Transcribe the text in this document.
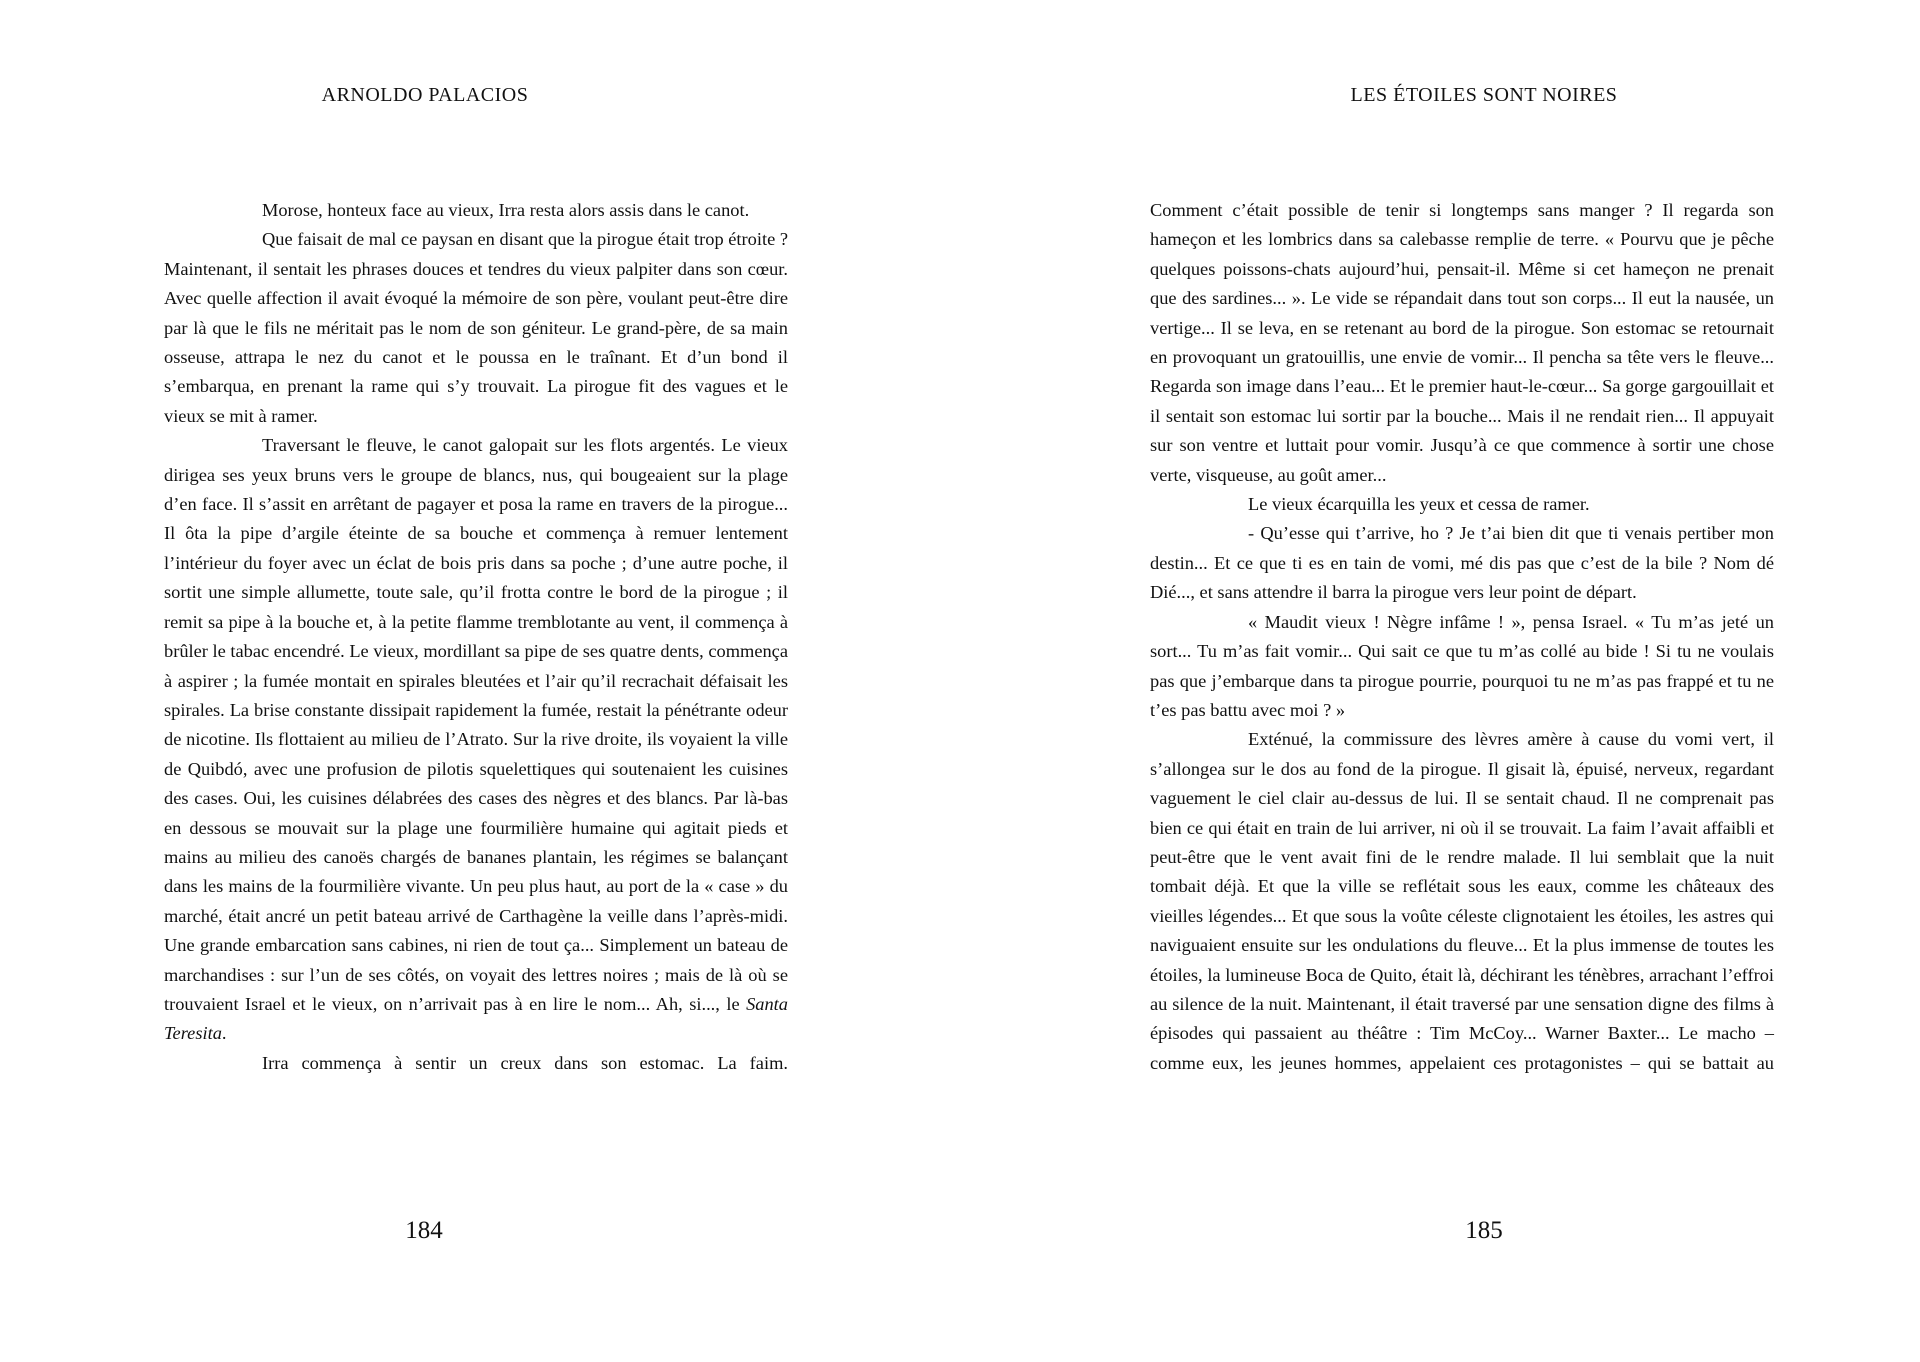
ARNOLDO PALACIOS

Morose, honteux face au vieux, Irra resta alors assis dans le canot.

Que faisait de mal ce paysan en disant que la pirogue était trop étroite ? Maintenant, il sentait les phrases douces et tendres du vieux palpiter dans son cœur. Avec quelle affection il avait évoqué la mémoire de son père, voulant peut-être dire par là que le fils ne méritait pas le nom de son géniteur. Le grand-père, de sa main osseuse, attrapa le nez du canot et le poussa en le traînant. Et d’un bond il s’embarqua, en prenant la rame qui s’y trouvait. La pirogue fit des vagues et le vieux se mit à ramer.

Traversant le fleuve, le canot galopait sur les flots argentés. Le vieux dirigea ses yeux bruns vers le groupe de blancs, nus, qui bougeaient sur la plage d’en face. Il s’assit en arrêtant de pagayer et posa la rame en travers de la pirogue... Il ôta la pipe d’argile éteinte de sa bouche et commença à remuer lentement l’intérieur du foyer avec un éclat de bois pris dans sa poche ; d’une autre poche, il sortit une simple allumette, toute sale, qu’il frotta contre le bord de la pirogue ; il remit sa pipe à la bouche et, à la petite flamme tremblotante au vent, il commença à brûler le tabac encendré. Le vieux, mordillant sa pipe de ses quatre dents, commença à aspirer ; la fumée montait en spirales bleutées et l’air qu’il recrachait défaisait les spirales. La brise constante dissipait rapidement la fumée, restait la pénétrante odeur de nicotine. Ils flottaient au milieu de l’Atrato. Sur la rive droite, ils voyaient la ville de Quibdó, avec une profusion de pilotis squelettiques qui soutenaient les cuisines des cases. Oui, les cuisines délabrées des cases des nègres et des blancs. Par là-bas en dessous se mouvait sur la plage une fourmilière humaine qui agitait pieds et mains au milieu des canoës chargés de bananes plantain, les régimes se balançant dans les mains de la fourmilière vivante. Un peu plus haut, au port de la « case » du marché, était ancré un petit bateau arrivé de Carthagène la veille dans l’après-midi. Une grande embarcation sans cabines, ni rien de tout ça... Simplement un bateau de marchandises : sur l’un de ses côtés, on voyait des lettres noires ; mais de là où se trouvaient Israel et le vieux, on n’arrivait pas à en lire le nom... Ah, si..., le Santa Teresita.

Irra commença à sentir un creux dans son estomac. La faim.

184
LES ÉTOILES SONT NOIRES

Comment c’était possible de tenir si longtemps sans manger ? Il regarda son hameçon et les lombrics dans sa calebasse remplie de terre. « Pourvu que je pêche quelques poissons-chats aujourd’hui, pensait-il. Même si cet hameçon ne prenait que des sardines... ». Le vide se répandait dans tout son corps... Il eut la nausée, un vertige... Il se leva, en se retenant au bord de la pirogue. Son estomac se retournait en provoquant un gratouillis, une envie de vomir... Il pencha sa tête vers le fleuve... Regarda son image dans l’eau... Et le premier haut-le-cœur... Sa gorge gargouillait et il sentait son estomac lui sortir par la bouche... Mais il ne rendait rien... Il appuyait sur son ventre et luttait pour vomir. Jusqu’à ce que commence à sortir une chose verte, visqueuse, au goût amer...

Le vieux écarquilla les yeux et cessa de ramer.

- Qu’esse qui t’arrive, ho ? Je t’ai bien dit que ti venais pertiber mon destin... Et ce que ti es en tain de vomi, mé dis pas que c’est de la bile ? Nom dé Dié..., et sans attendre il barra la pirogue vers leur point de départ.

« Maudit vieux ! Nègre infâme ! », pensa Israel. « Tu m’as jeté un sort... Tu m’as fait vomir... Qui sait ce que tu m’as collé au bide ! Si tu ne voulais pas que j’embarque dans ta pirogue pourrie, pourquoi tu ne m’as pas frappé et tu ne t’es pas battu avec moi ? »

Exténué, la commissure des lèvres amère à cause du vomi vert, il s’allongea sur le dos au fond de la pirogue. Il gisait là, épuisé, nerveux, regardant vaguement le ciel clair au-dessus de lui. Il se sentait chaud. Il ne comprenait pas bien ce qui était en train de lui arriver, ni où il se trouvait. La faim l’avait affaibli et peut-être que le vent avait fini de le rendre malade. Il lui semblait que la nuit tombait déjà. Et que la ville se reflétait sous les eaux, comme les châteaux des vieilles légendes... Et que sous la voûte céleste clignotaient les étoiles, les astres qui naviguaient ensuite sur les ondulations du fleuve... Et la plus immense de toutes les étoiles, la lumineuse Boca de Quito, était là, déchirant les ténèbres, arrachant l’effroi au silence de la nuit. Maintenant, il était traversé par une sensation digne des films à épisodes qui passaient au théâtre : Tim McCoy... Warner Baxter... Le macho – comme eux, les jeunes hommes, appelaient ces protagonistes – qui se battait au

185
